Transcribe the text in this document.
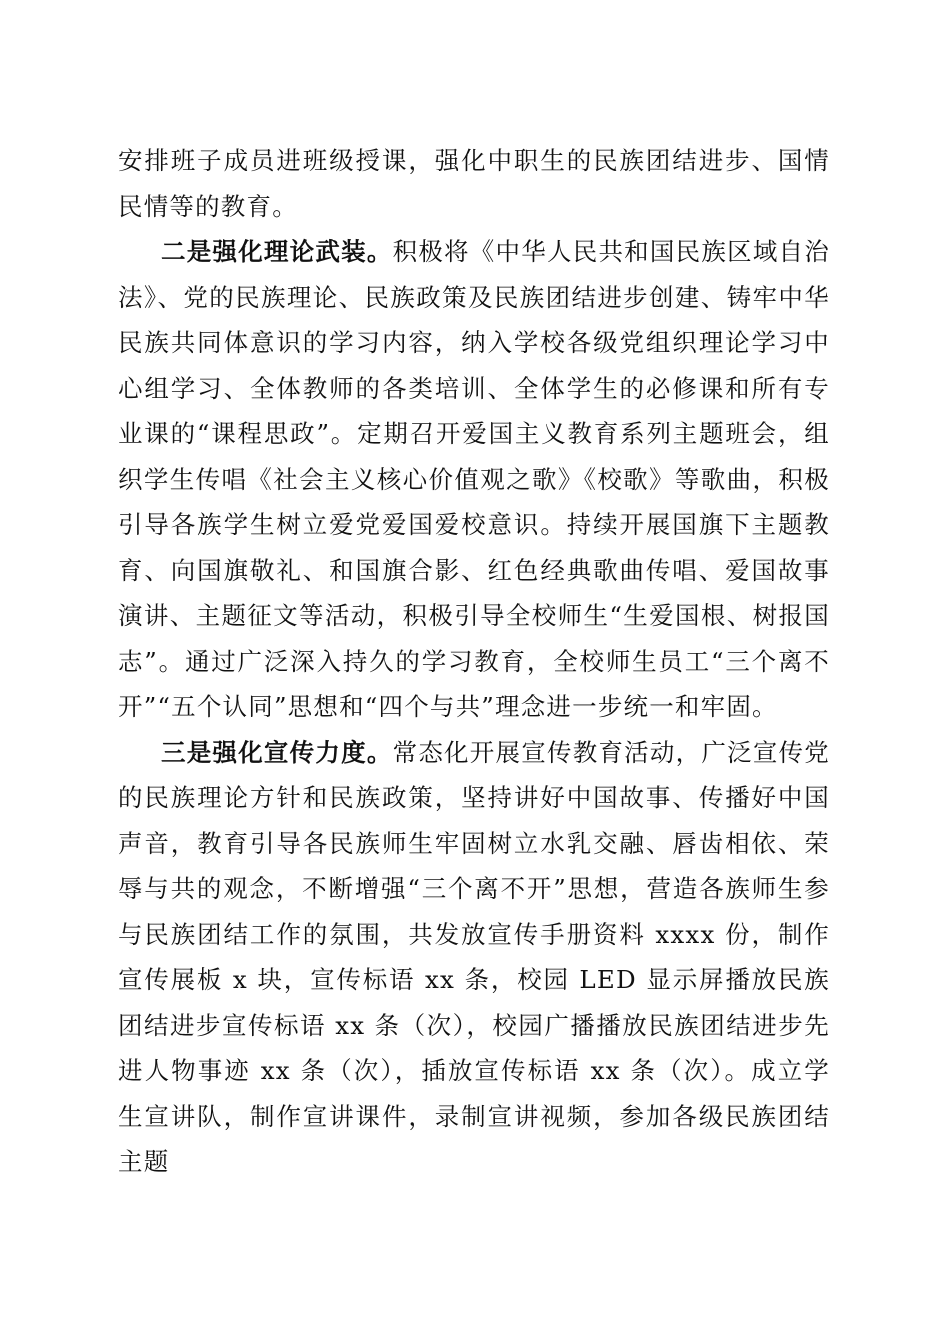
安排班子成员进班级授课，强化中职生的民族团结进步、国情民情等的教育。

二是强化理论武装。积极将《中华人民共和国民族区域自治法》、党的民族理论、民族政策及民族团结进步创建、铸牢中华民族共同体意识的学习内容，纳入学校各级党组织理论学习中心组学习、全体教师的各类培训、全体学生的必修课和所有专业课的“课程思政”。定期召开爱国主义教育系列主题班会，组织学生传唱《社会主义核心价值观之歌》《校歌》等歌曲，积极引导各族学生树立爱党爱国爱校意识。持续开展国旗下主题教育、向国旗敬礼、和国旗合影、红色经典歌曲传唱、爱国故事演讲、主题征文等活动，积极引导全校师生“生爱国根、树报国志”。通过广泛深入持久的学习教育，全校师生员工“三个离不开”“五个认同”思想和“四个与共”理念进一步统一和牢固。

三是强化宣传力度。常态化开展宣传教育活动，广泛宣传党的民族理论方针和民族政策，坚持讲好中国故事、传播好中国声音，教育引导各民族师生牢固树立水乳交融、唇齿相依、荣辱与共的观念，不断增强“三个离不开”思想，营造各族师生参与民族团结工作的氛围，共发放宣传手册资料 xxxx 份，制作宣传展板 x 块，宣传标语 xx 条，校园 LED 显示屏播放民族团结进步宣传标语 xx 条（次），校园广播播放民族团结进步先进人物事迹 xx 条（次），插放宣传标语 xx 条（次）。成立学生宣讲队，制作宣讲课件，录制宣讲视频，参加各级民族团结主题
